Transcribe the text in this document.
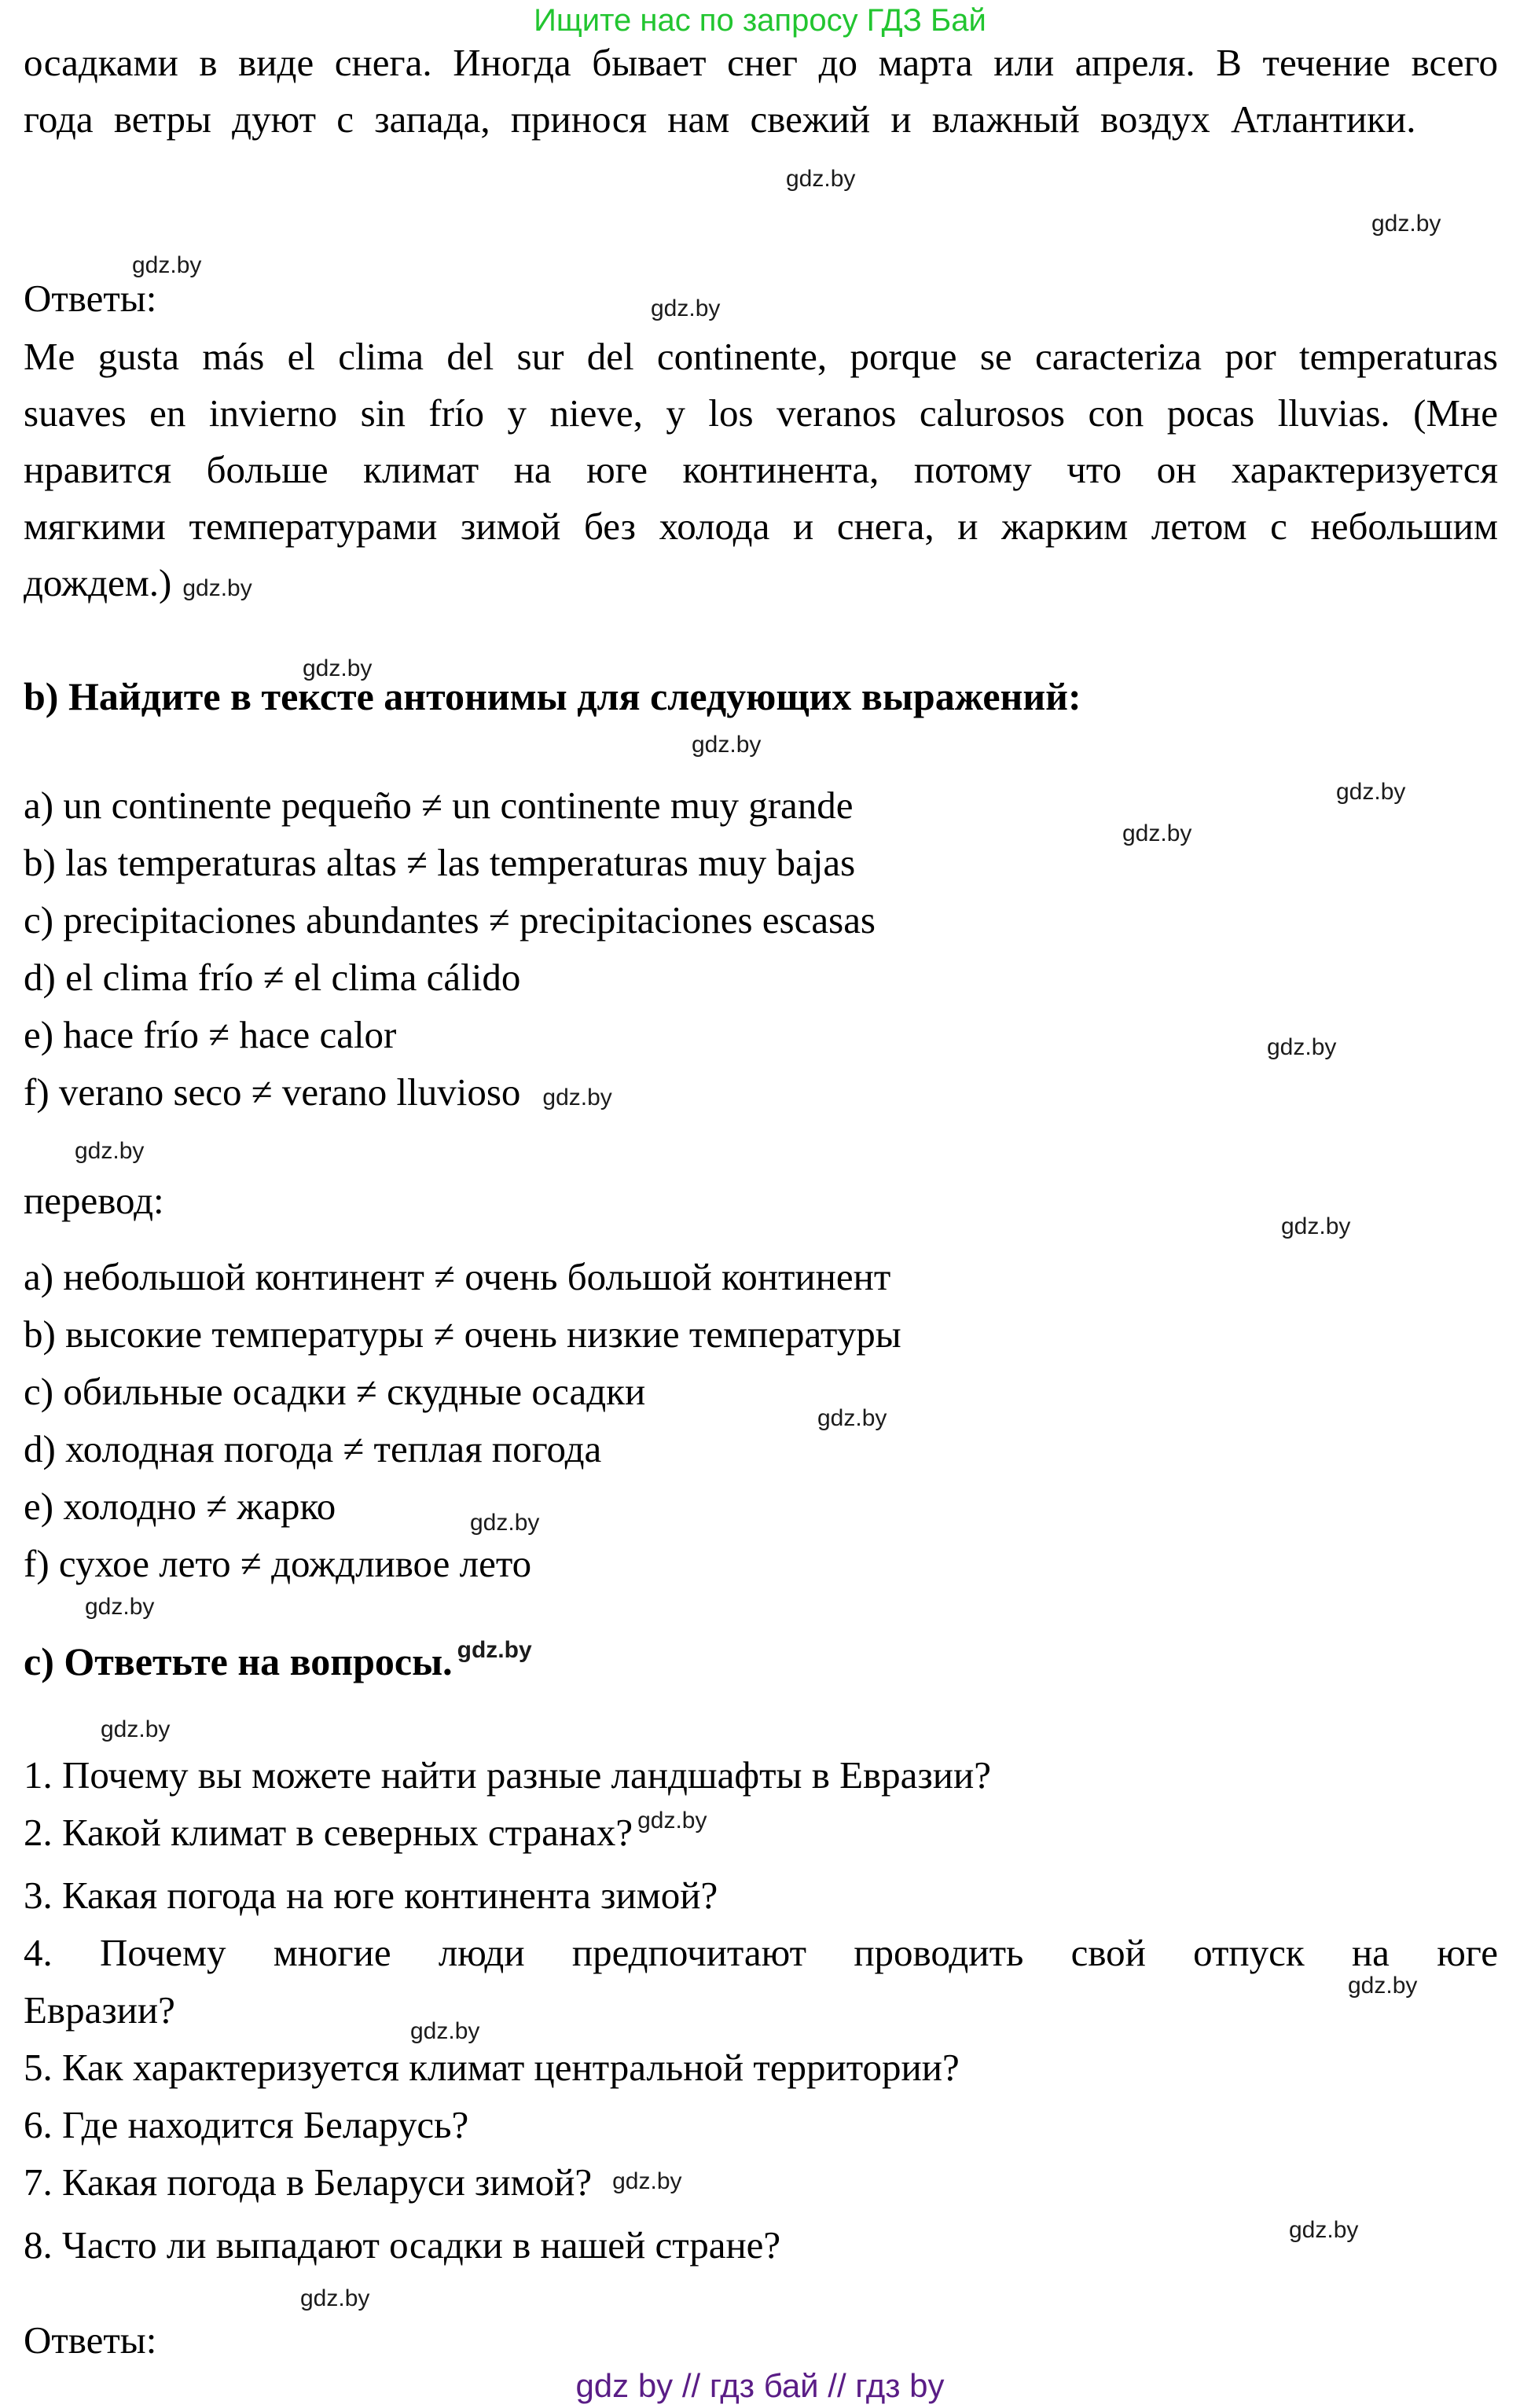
Ищите нас по запросу ГДЗ Бай
осадками в виде снега. Иногда бывает снег до марта или апреля. В течение всего года ветры дуют с запада, принося нам свежий и влажный воздух Атлантики.
gdz.by
gdz.by
gdz.by
gdz.by
Ответы:
Me gusta más el clima del sur del continente, porque se caracteriza por temperaturas suaves en invierno sin frío y nieve, y los veranos calurosos con pocas lluvias. (Мне нравится больше климат на юге континента, потому что он характеризуется мягкими температурами зимой без холода и снега, и жарким летом с небольшим дождем.) gdz.by
gdz.by
b) Найдите в тексте антонимы для следующих выражений:
gdz.by
gdz.by
a) un continente pequeño ≠ un continente muy grande
b) las temperaturas altas ≠ las temperaturas muy bajas
c) precipitaciones abundantes ≠ precipitaciones escasas
d) el clima frío ≠ el clima cálido
e) hace frío ≠ hace calor
f) verano seco ≠ verano lluvioso gdz.by
gdz.by
gdz.by
gdz.by
перевод:
gdz.by
a) небольшой континент ≠ очень большой континент
b) высокие температуры ≠ очень низкие температуры
c) обильные осадки ≠ скудные осадки
d) холодная погода ≠ теплая погода
e) холодно ≠ жарко
f) сухое лето ≠ дождливое лето
gdz.by
gdz.by
gdz.by
c) Ответьте на вопросы. gdz.by
gdz.by
1. Почему вы можете найти разные ландшафты в Евразии?
2. Какой климат в северных странах? gdz.by
3. Какая погода на юге континента зимой?
4. Почему многие люди предпочитают проводить свой отпуск на юге Евразии?
5. Как характеризуется климат центральной территории?
6. Где находится Беларусь?
7. Какая погода в Беларуси зимой? gdz.by
8. Часто ли выпадают осадки в нашей стране?
gdz.by
gdz.by
gdz.by
gdz.by
Ответы:
gdz by // гдз бай // гдз by
